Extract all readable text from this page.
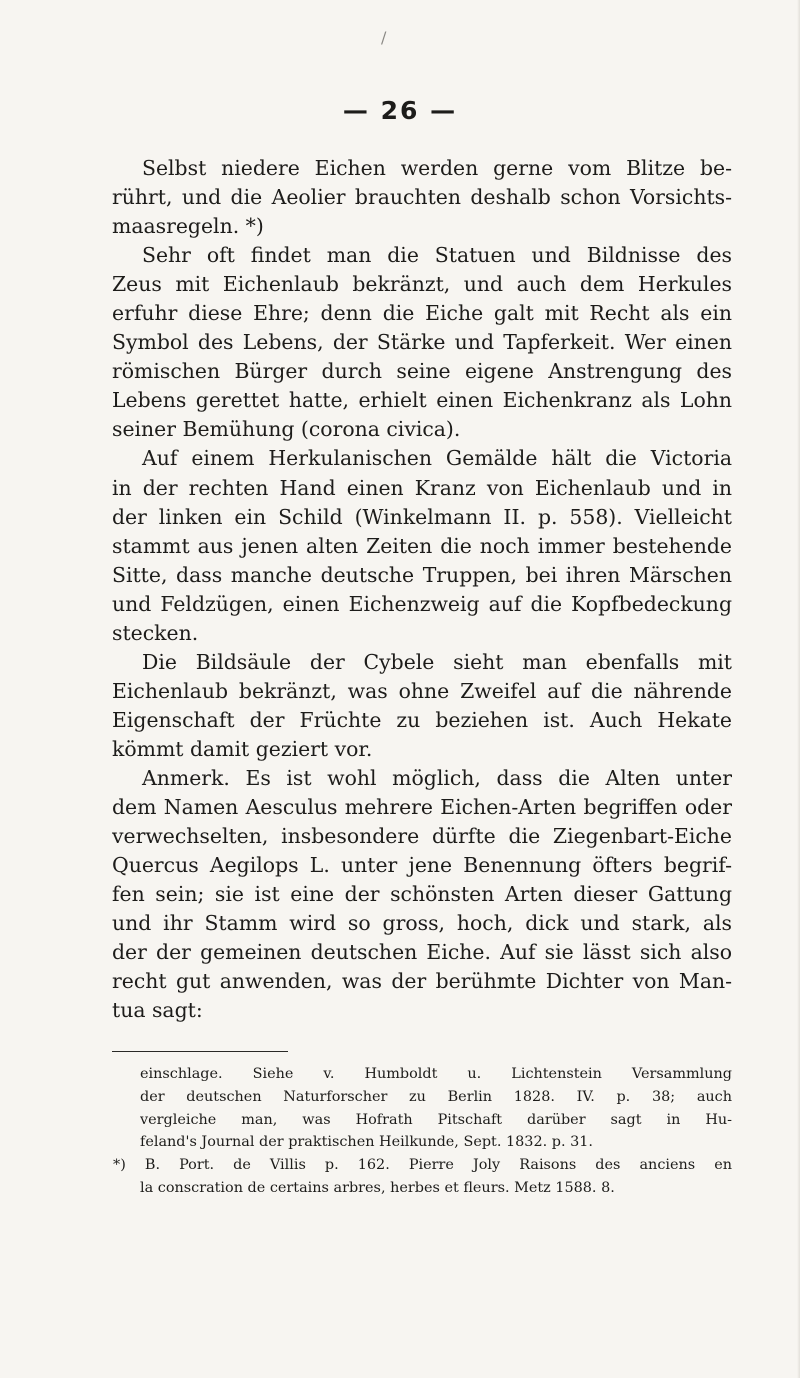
/
— 26 —
Selbst niedere Eichen werden gerne vom Blitze be-
rührt, und die Aeolier brauchten deshalb schon Vorsichts-
maasregeln. *)
Sehr oft findet man die Statuen und Bildnisse des
Zeus mit Eichenlaub bekränzt, und auch dem Herkules
erfuhr diese Ehre; denn die Eiche galt mit Recht als ein
Symbol des Lebens, der Stärke und Tapferkeit. Wer einen
römischen Bürger durch seine eigene Anstrengung des
Lebens gerettet hatte, erhielt einen Eichenkranz als Lohn
seiner Bemühung (corona civica).
Auf einem Herkulanischen Gemälde hält die Victoria
in der rechten Hand einen Kranz von Eichenlaub und in
der linken ein Schild (Winkelmann II. p. 558). Vielleicht
stammt aus jenen alten Zeiten die noch immer bestehende
Sitte, dass manche deutsche Truppen, bei ihren Märschen
und Feldzügen, einen Eichenzweig auf die Kopfbedeckung
stecken.
Die Bildsäule der Cybele sieht man ebenfalls mit
Eichenlaub bekränzt, was ohne Zweifel auf die nährende
Eigenschaft der Früchte zu beziehen ist. Auch Hekate
kömmt damit geziert vor.
Anmerk. Es ist wohl möglich, dass die Alten unter
dem Namen Aesculus mehrere Eichen-Arten begriffen oder
verwechselten, insbesondere dürfte die Ziegenbart-Eiche
Quercus Aegilops L. unter jene Benennung öfters begrif-
fen sein; sie ist eine der schönsten Arten dieser Gattung
und ihr Stamm wird so gross, hoch, dick und stark, als
der der gemeinen deutschen Eiche. Auf sie lässt sich also
recht gut anwenden, was der berühmte Dichter von Man-
tua sagt:
einschlage. Siehe v. Humboldt u. Lichtenstein Versammlung
der deutschen Naturforscher zu Berlin 1828. IV. p. 38; auch
vergleiche man, was Hofrath Pitschaft darüber sagt in Hu-
feland's Journal der praktischen Heilkunde, Sept. 1832. p. 31.
*) B. Port. de Villis p. 162. Pierre Joly Raisons des anciens en
la conscration de certains arbres, herbes et fleurs. Metz 1588. 8.
